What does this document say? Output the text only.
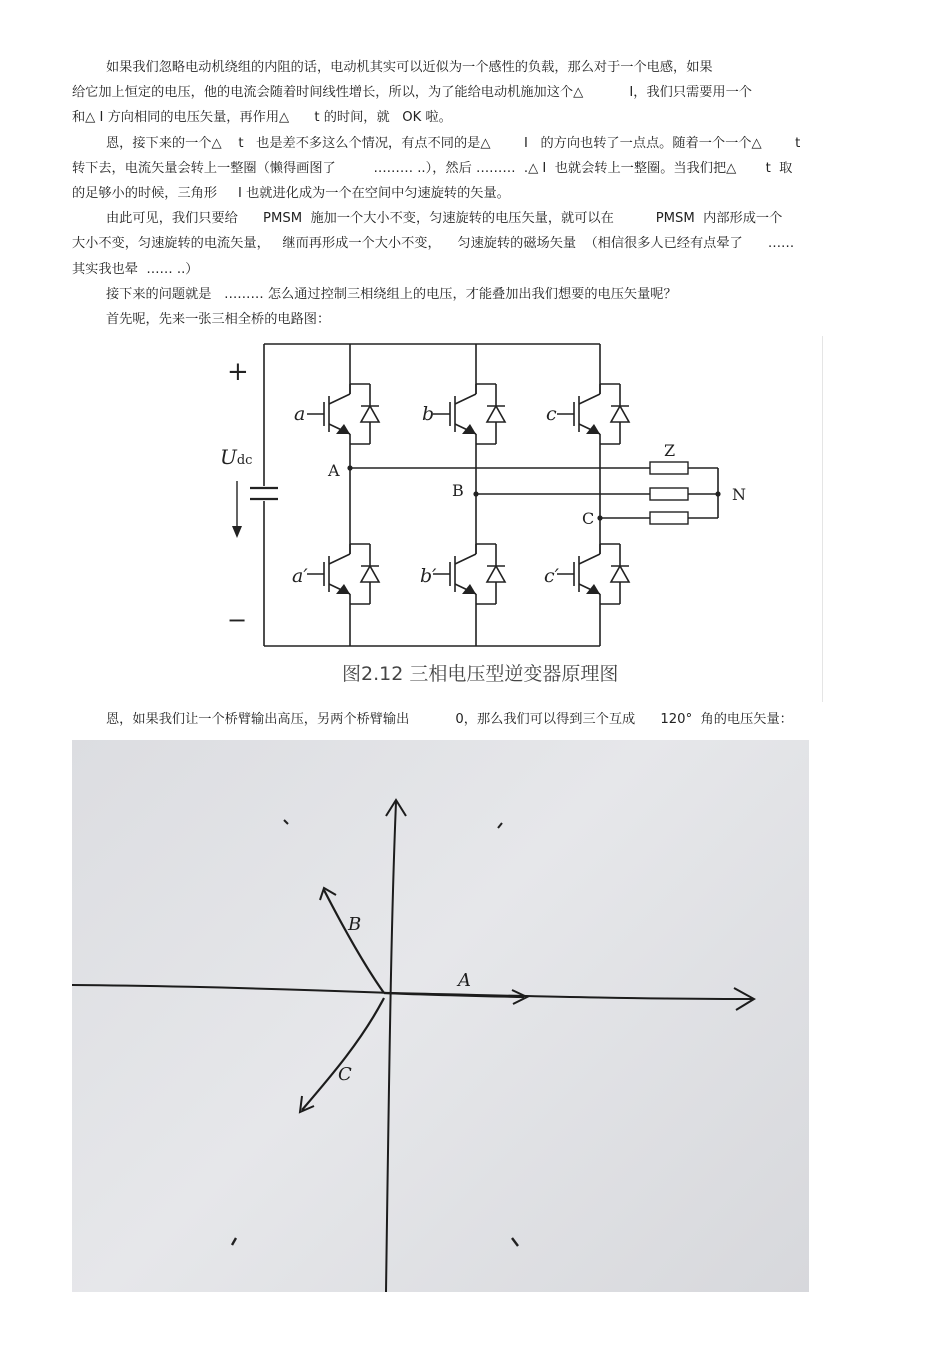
如果我们忽略电动机绕组的内阻的话，电动机其实可以近似为一个感性的负载，那么对于一个电感，如果
给它加上恒定的电压，他的电流会随着时间线性增长，所以，为了能给电动机施加这个△           I，我们只需要用一个
和△ I 方向相同的电压矢量，再作用△      t 的时间，就   OK 啦。
恩，接下来的一个△    t   也是差不多这么个情况，有点不同的是△        I   的方向也转了一点点。随着一个一个△        t
转下去，电流矢量会转上一整圈（懒得画图了         ……… ..），然后 ………  .△ I  也就会转上一整圈。当我们把△       t  取
的足够小的时候，三角形     I 也就进化成为一个在空间中匀速旋转的矢量。
由此可见，我们只要给      PMSM  施加一个大小不变，匀速旋转的电压矢量，就可以在          PMSM  内部形成一个
大小不变，匀速旋转的电流矢量，   继而再形成一个大小不变，    匀速旋转的磁场矢量  （相信很多人已经有点晕了      ……
其实我也晕  …… ..）
接下来的问题就是   ……… 怎么通过控制三相绕组上的电压，才能叠加出我们想要的电压矢量呢？
首先呢，先来一张三相全桥的电路图：
恩，如果我们让一个桥臂输出高压，另两个桥臂输出           0，那么我们可以得到三个互成      120°  角的电压矢量：
+
−
Udc
a	b	c
a′	b′	c′
A
B
C
Z
N
图2.12 三相电压型逆变器原理图
A
B
C
